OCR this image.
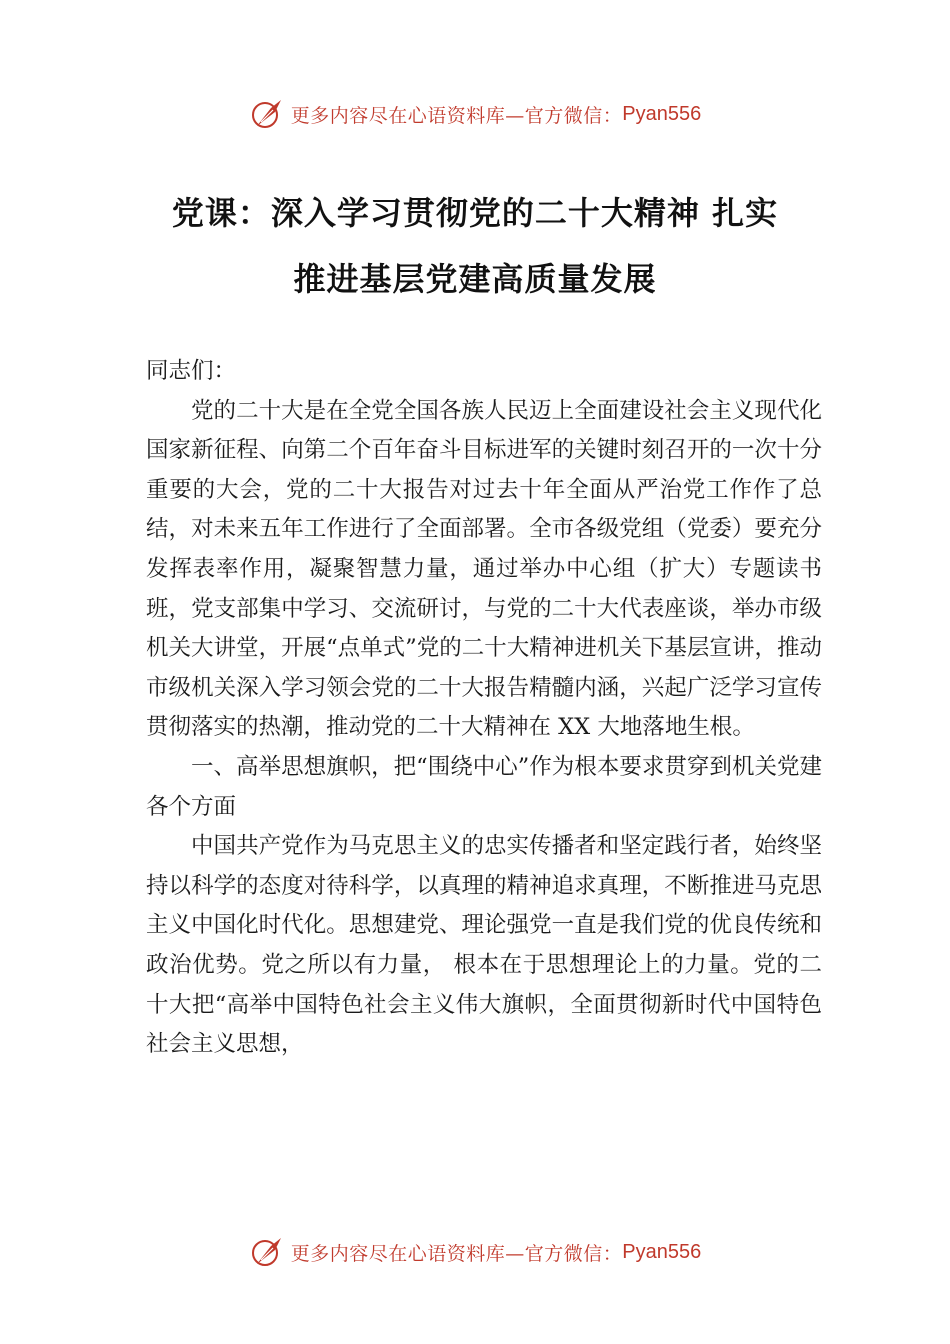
更多内容尽在心语资料库—官方微信： Pyan556
党课：深入学习贯彻党的二十大精神 扎实
推进基层党建高质量发展

同志们：

党的二十大是在全党全国各族人民迈上全面建设社会主义现代化国家新征程、向第二个百年奋斗目标进军的关键时刻召开的一次十分重要的大会，党的二十大报告对过去十年全面从严治党工作作了总结，对未来五年工作进行了全面部署。全市各级党组（党委）要充分发挥表率作用，凝聚智慧力量，通过举办中心组（扩大）专题读书班，党支部集中学习、交流研讨，与党的二十大代表座谈，举办市级机关大讲堂，开展“点单式”党的二十大精神进机关下基层宣讲，推动市级机关深入学习领会党的二十大报告精髓内涵，兴起广泛学习宣传贯彻落实的热潮，推动党的二十大精神在 XX 大地落地生根。

一、高举思想旗帜，把“围绕中心”作为根本要求贯穿到机关党建各个方面

中国共产党作为马克思主义的忠实传播者和坚定践行者，始终坚持以科学的态度对待科学，以真理的精神追求真理，不断推进马克思主义中国化时代化。思想建党、理论强党一直是我们党的优良传统和政治优势。党之所以有力量， 根本在于思想理论上的力量。党的二十大把“高举中国特色社会主义伟大旗帜，全面贯彻新时代中国特色社会主义思想，

更多内容尽在心语资料库—官方微信： Pyan556
